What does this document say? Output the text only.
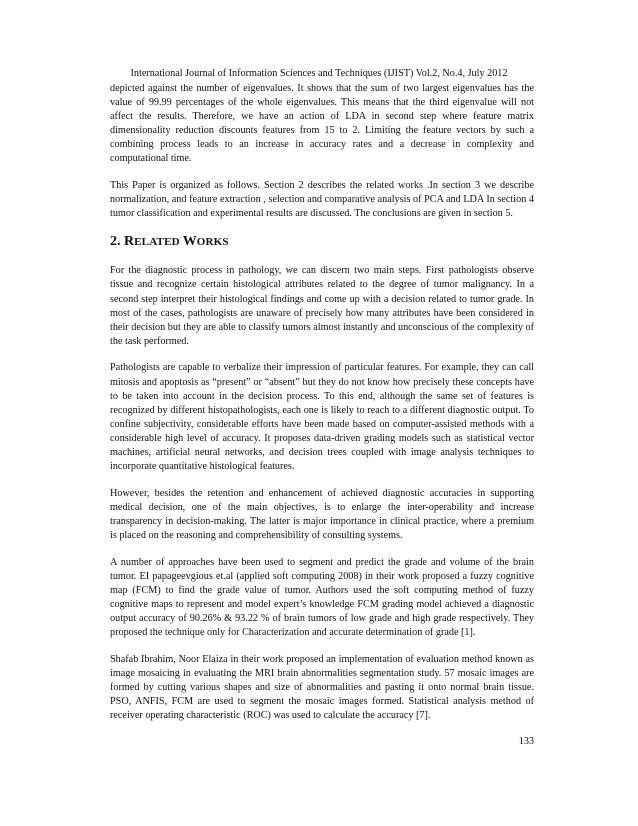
International Journal of Information Sciences and Techniques (IJIST) Vol.2, No.4, July 2012

depicted against the number of eigenvalues. It shows that the sum of two largest eigenvalues has the value of 99.99 percentages of the whole eigenvalues. This means that the third eigenvalue will not affect the results. Therefore, we have an action of LDA in second step where feature matrix dimensionality reduction discounts features from 15 to 2. Limiting the feature vectors by such a combining process leads to an increase in accuracy rates and a decrease in complexity and computational time.

This Paper is organized as follows. Section 2 describes the related works .In section 3 we describe normalization, and feature extraction , selection and comparative analysis of PCA and LDA In section 4 tumor classification and experimental results are discussed. The conclusions are given in section 5.

2. RELATED WORKS

For the diagnostic process in pathology, we can discern two main steps. First pathologists observe tissue and recognize certain histological attributes related to the degree of tumor malignancy. In a second step interpret their histological findings and come up with a decision related to tumor grade. In most of the cases, pathologists are unaware of precisely how many attributes have been considered in their decision but they are able to classify tumors almost instantly and unconscious of the complexity of the task performed.

Pathologists are capable to verbalize their impression of particular features. For example, they can call mitosis and apoptosis as “present” or “absent” but they do not know how precisely these concepts have to be taken into account in the decision process. To this end, although the same set of features is recognized by different histopathologists, each one is likely to reach to a different diagnostic output. To confine subjectivity, considerable efforts have been made based on computer-assisted methods with a considerable high level of accuracy. It proposes data-driven grading models such as statistical vector machines, artificial neural networks, and decision trees coupled with image analysis techniques to incorporate quantitative histological features.

However, besides the retention and enhancement of achieved diagnostic accuracies in supporting medical decision, one of the main objectives, is to enlarge the inter-operability and increase transparency in decision-making. The latter is major importance in clinical practice, where a premium is placed on the reasoning and comprehensibility of consulting systems.

A number of approaches have been used to segment and predict the grade and volume of the brain tumor. EI papageevgious et.al (applied soft computing 2008) in their work proposed a fuzzy cognitive map (FCM) to find the grade value of tumor. Authors used the soft computing method of fuzzy cognitive maps to represent and model expert’s knowledge FCM grading model achieved a diagnostic output accuracy of 90.26% & 93.22 % of brain tumors of low grade and high grade respectively. They proposed the technique only for Characterization and accurate determination of grade [1].

Shafab Ibrahim, Noor Elaiza in their work proposed an implementation of evaluation method known as image mosaicing in evaluating the MRI brain abnormalities segmentation study. 57 mosaic images are formed by cutting various shapes and size of abnormalities and pasting it onto normal brain tissue. PSO, ANFIS, FCM are used to segment the mosaic images formed. Statistical analysis method of receiver operating characteristic (ROC) was used to calculate the accuracy [7].

133
